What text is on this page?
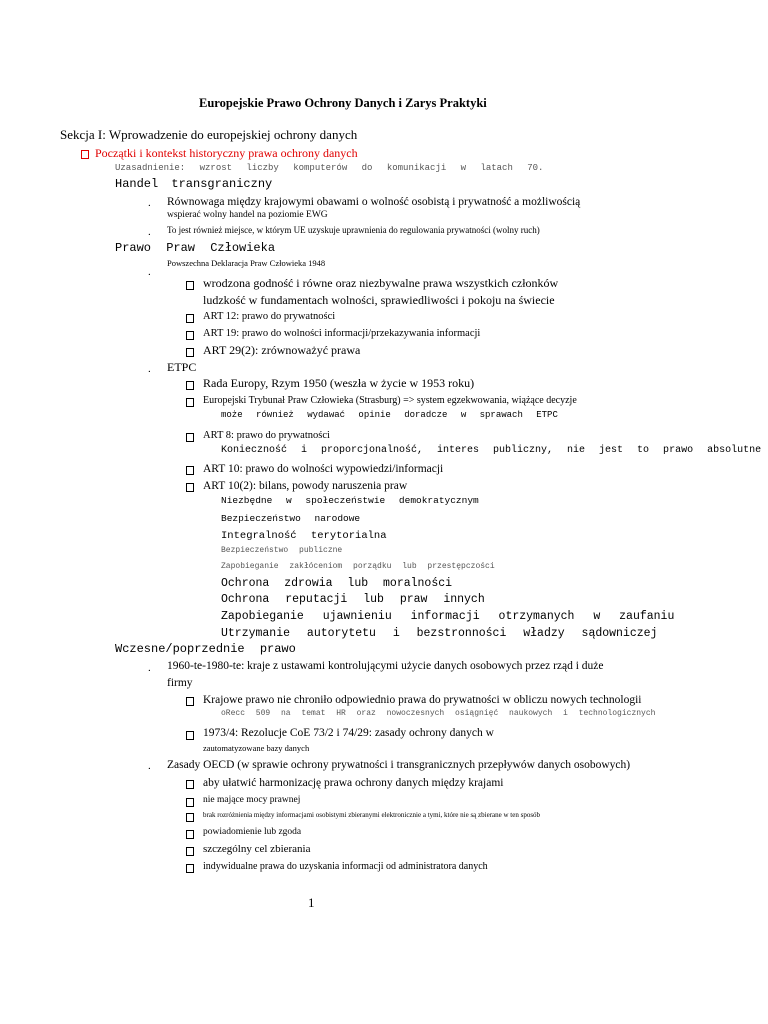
Europejskie Prawo Ochrony Danych i Zarys Praktyki
Sekcja I: Wprowadzenie do europejskiej ochrony danych
Początki i kontekst historyczny prawa ochrony danych
Uzasadnienie: wzrost liczby komputerów do komunikacji w latach 70.
Handel transgraniczny
. Równowaga między krajowymi obawami o wolność osobistą i prywatność a możliwością
wspierać wolny handel na poziomie EWG
. To jest również miejsce, w którym UE uzyskuje uprawnienia do regulowania prywatności (wolny ruch)
Prawo Praw Człowieka
Powszechna Deklaracja Praw Człowieka 1948
.
wrodzona godność i równe oraz niezbywalne prawa wszystkich członków
ludzkość w fundamentach wolności, sprawiedliwości i pokoju na świecie
ART 12: prawo do prywatności
ART 19: prawo do wolności informacji/przekazywania informacji
ART 29(2): zrównoważyć prawa
. ETPC
Rada Europy, Rzym 1950 (weszła w życie w 1953 roku)
Europejski Trybunał Praw Człowieka (Strasburg) => system egzekwowania, wiążące decyzje
może również wydawać opinie doradcze w sprawach ETPC
ART 8: prawo do prywatności
Konieczność i proporcjonalność, interes publiczny, nie jest to prawo absolutne
ART 10: prawo do wolności wypowiedzi/informacji
ART 10(2): bilans, powody naruszenia praw
Niezbędne w społeczeństwie demokratycznym
Bezpieczeństwo narodowe
Integralność terytorialna
Bezpieczeństwo publiczne
Zapobieganie zakłóceniom porządku lub przestępczości
Ochrona zdrowia lub moralności
Ochrona reputacji lub praw innych
Zapobieganie ujawnieniu informacji otrzymanych w zaufaniu
Utrzymanie autorytetu i bezstronności władzy sądowniczej
Wczesne/poprzednie prawo
. 1960-te-1980-te: kraje z ustawami kontrolującymi użycie danych osobowych przez rząd i duże
firmy
Krajowe prawo nie chroniło odpowiednio prawa do prywatności w obliczu nowych technologii
oRecc 509 na temat HR oraz nowoczesnych osiągnięć naukowych i technologicznych
1973/4: Rezolucje CoE 73/2 i 74/29: zasady ochrony danych w
zautomatyzowane bazy danych
. Zasady OECD (w sprawie ochrony prywatności i transgranicznych przepływów danych osobowych)
aby ułatwić harmonizację prawa ochrony danych między krajami
nie mające mocy prawnej
brak rozróżnienia między informacjami osobistymi zbieranymi elektronicznie a tymi, które nie są zbierane w ten sposób
powiadomienie lub zgoda
szczególny cel zbierania
indywidualne prawa do uzyskania informacji od administratora danych
1
